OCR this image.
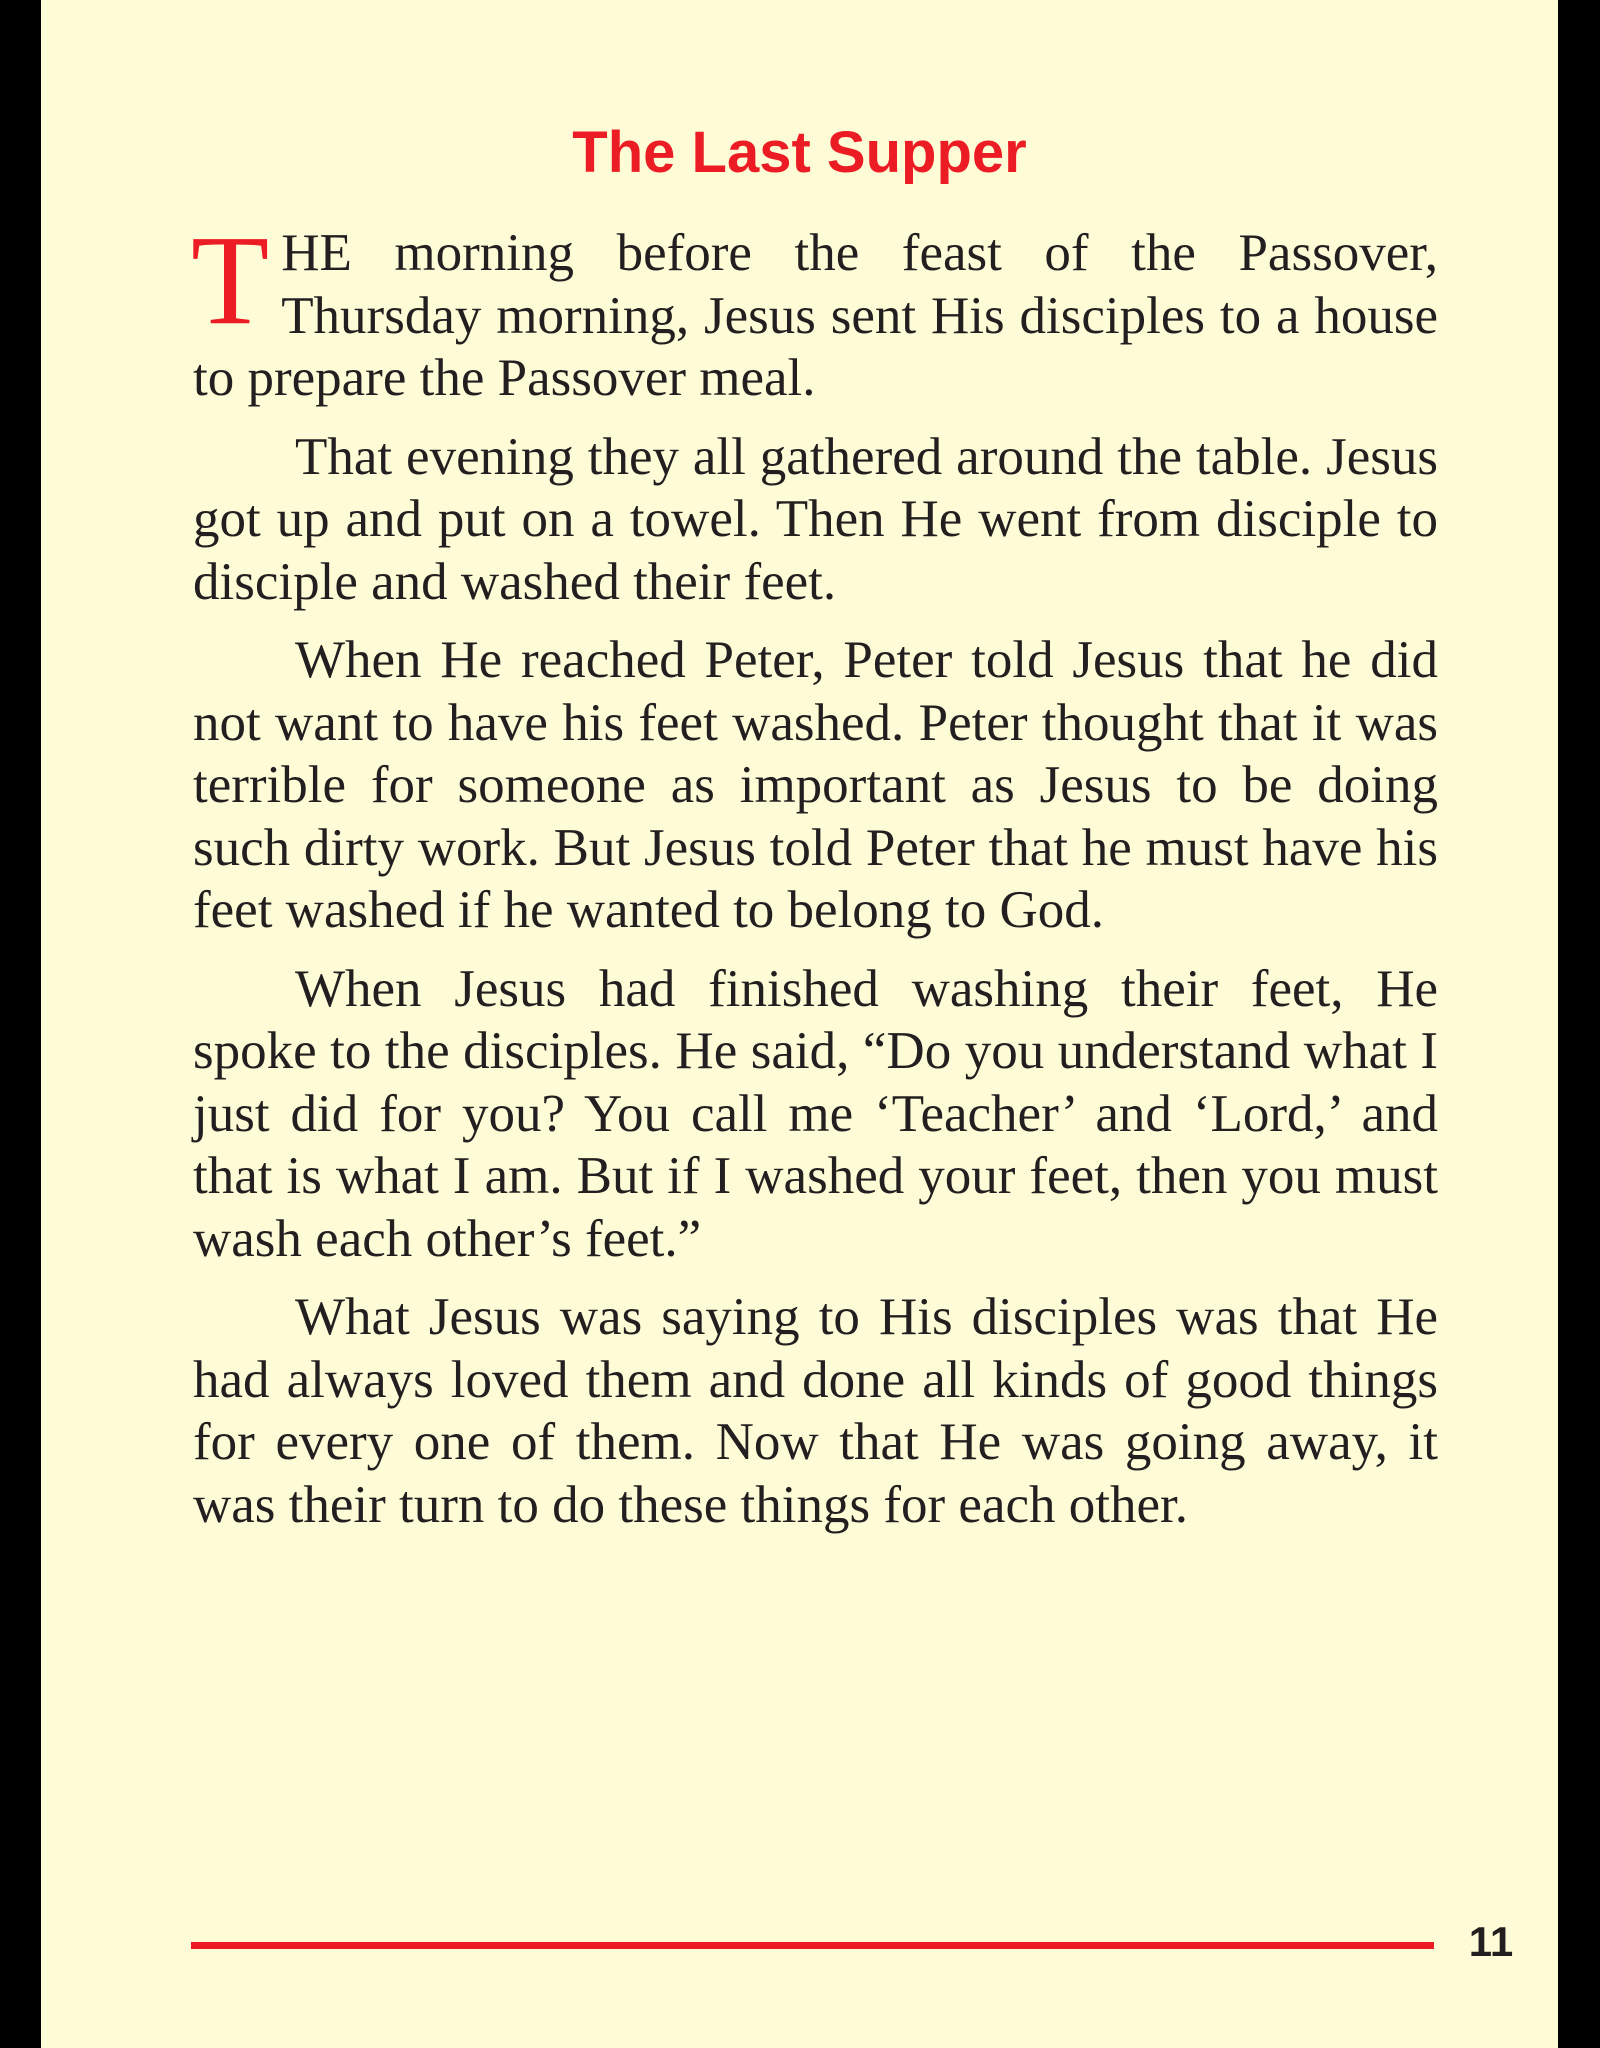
The Last Supper

THE morning before the feast of the Passover, Thursday morning, Jesus sent His disciples to a house to prepare the Passover meal.

That evening they all gathered around the table. Jesus got up and put on a towel. Then He went from disciple to disciple and washed their feet.

When He reached Peter, Peter told Jesus that he did not want to have his feet washed. Peter thought that it was terrible for someone as important as Jesus to be doing such dirty work. But Jesus told Peter that he must have his feet washed if he wanted to belong to God.

When Jesus had finished washing their feet, He spoke to the disciples. He said, “Do you understand what I just did for you? You call me ‘Teacher’ and ‘Lord,’ and that is what I am. But if I washed your feet, then you must wash each other’s feet.”

What Jesus was saying to His disciples was that He had always loved them and done all kinds of good things for every one of them. Now that He was going away, it was their turn to do these things for each other.

11
